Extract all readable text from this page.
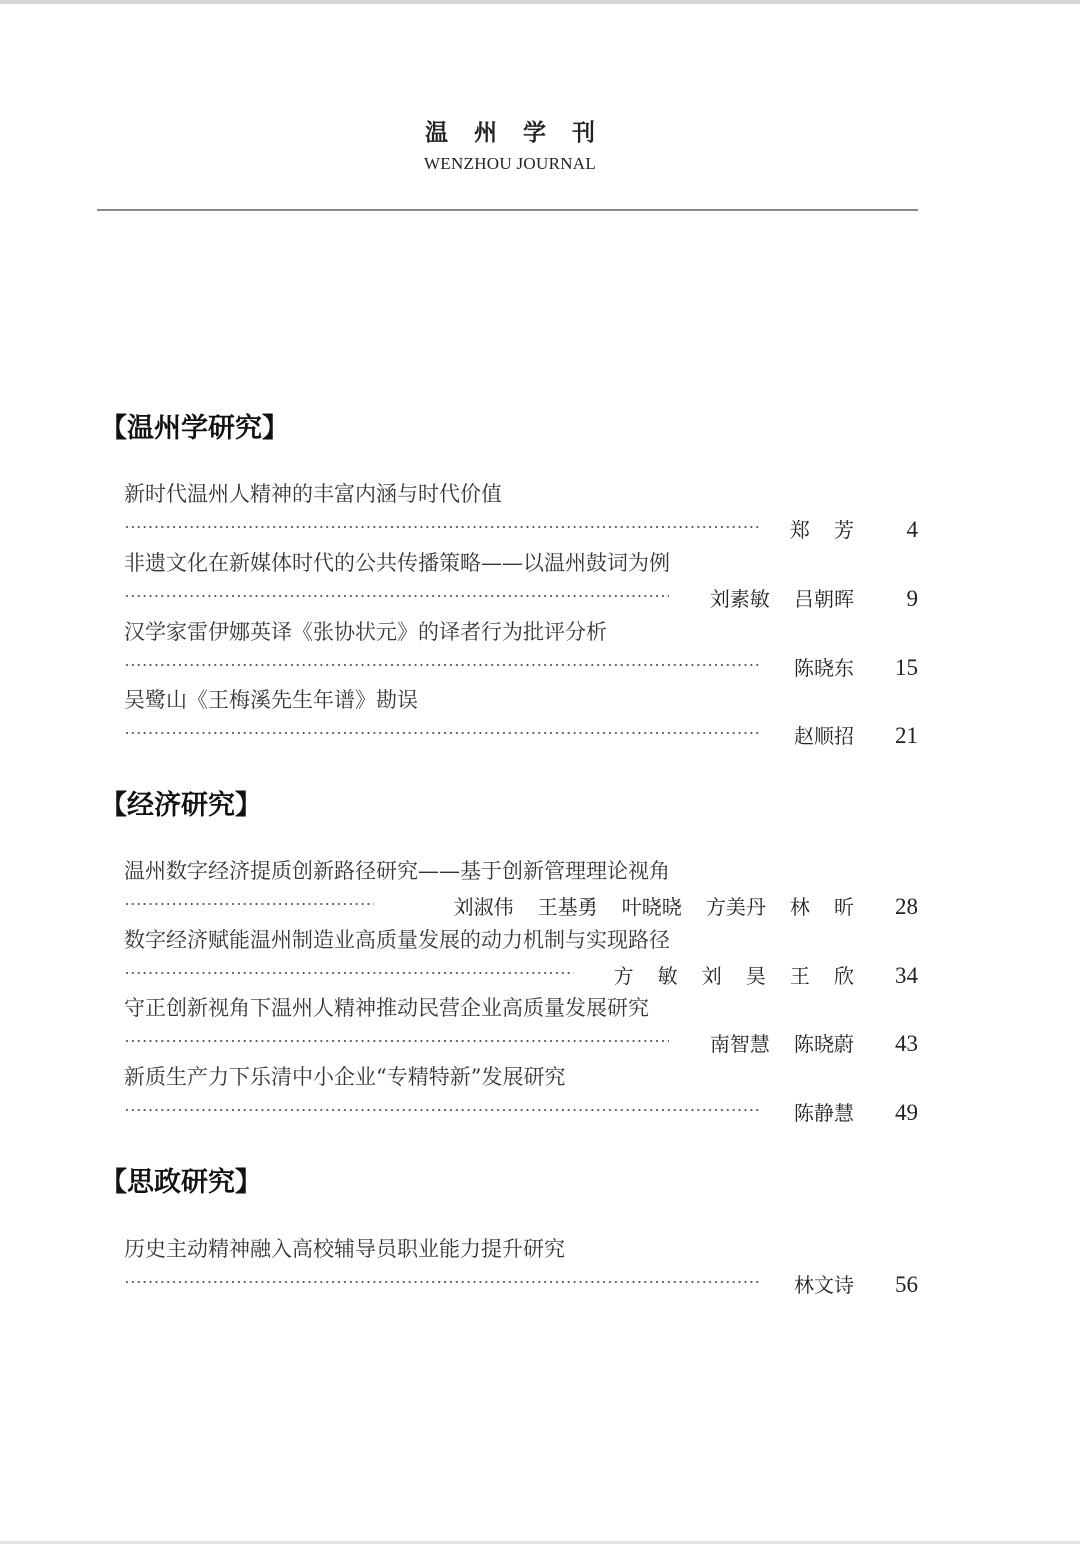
温州学刊
WENZHOU JOURNAL
【温州学研究】
新时代温州人精神的丰富内涵与时代价值
郑  芳 4
非遗文化在新媒体时代的公共传播策略——以温州鼓词为例
刘素敏  吕朝晖 9
汉学家雷伊娜英译《张协状元》的译者行为批评分析
陈晓东 15
吴鹭山《王梅溪先生年谱》勘误
赵顺招 21
【经济研究】
温州数字经济提质创新路径研究——基于创新管理理论视角
刘淑伟  王基勇  叶晓晓  方美丹  林  昕 28
数字经济赋能温州制造业高质量发展的动力机制与实现路径
方  敏  刘  昊  王  欣 34
守正创新视角下温州人精神推动民营企业高质量发展研究
南智慧  陈晓蔚 43
新质生产力下乐清中小企业“专精特新”发展研究
陈静慧 49
【思政研究】
历史主动精神融入高校辅导员职业能力提升研究
林文诗 56
